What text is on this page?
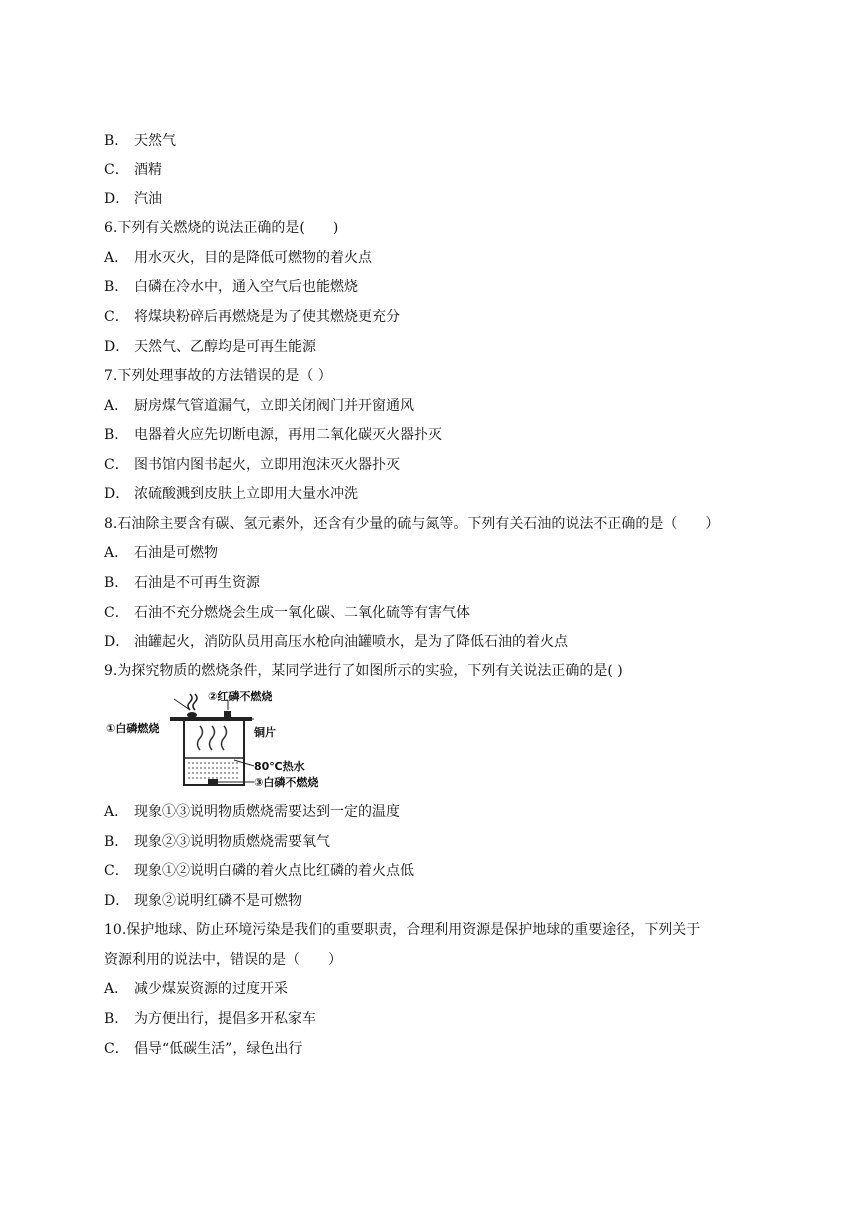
B． 天然气
C． 酒精
D． 汽油
6.下列有关燃烧的说法正确的是(　　)
A． 用水灭火，目的是降低可燃物的着火点
B． 白磷在冷水中，通入空气后也能燃烧
C． 将煤块粉碎后再燃烧是为了使其燃烧更充分
D． 天然气、乙醇均是可再生能源
7.下列处理事故的方法错误的是（ ）
A． 厨房煤气管道漏气，立即关闭阀门并开窗通风
B． 电器着火应先切断电源，再用二氧化碳灭火器扑灭
C． 图书馆内图书起火，立即用泡沫灭火器扑灭
D． 浓硫酸溅到皮肤上立即用大量水冲洗
8.石油除主要含有碳、氢元素外，还含有少量的硫与氮等。下列有关石油的说法不正确的是（　　）
A． 石油是可燃物
B． 石油是不可再生资源
C． 石油不充分燃烧会生成一氧化碳、二氧化硫等有害气体
D． 油罐起火，消防队员用高压水枪向油罐喷水，是为了降低石油的着火点
9.为探究物质的燃烧条件，某同学进行了如图所示的实验，下列有关说法正确的是( )
①白磷燃烧
②红磷不燃烧
铜片
80℃热水
③白磷不燃烧
A． 现象①③说明物质燃烧需要达到一定的温度
B． 现象②③说明物质燃烧需要氧气
C． 现象①②说明白磷的着火点比红磷的着火点低
D． 现象②说明红磷不是可燃物
10.保护地球、防止环境污染是我们的重要职责，合理利用资源是保护地球的重要途径，下列关于
资源利用的说法中，错误的是（　　）
A． 减少煤炭资源的过度开采
B． 为方便出行，提倡多开私家车
C． 倡导“低碳生活”，绿色出行
